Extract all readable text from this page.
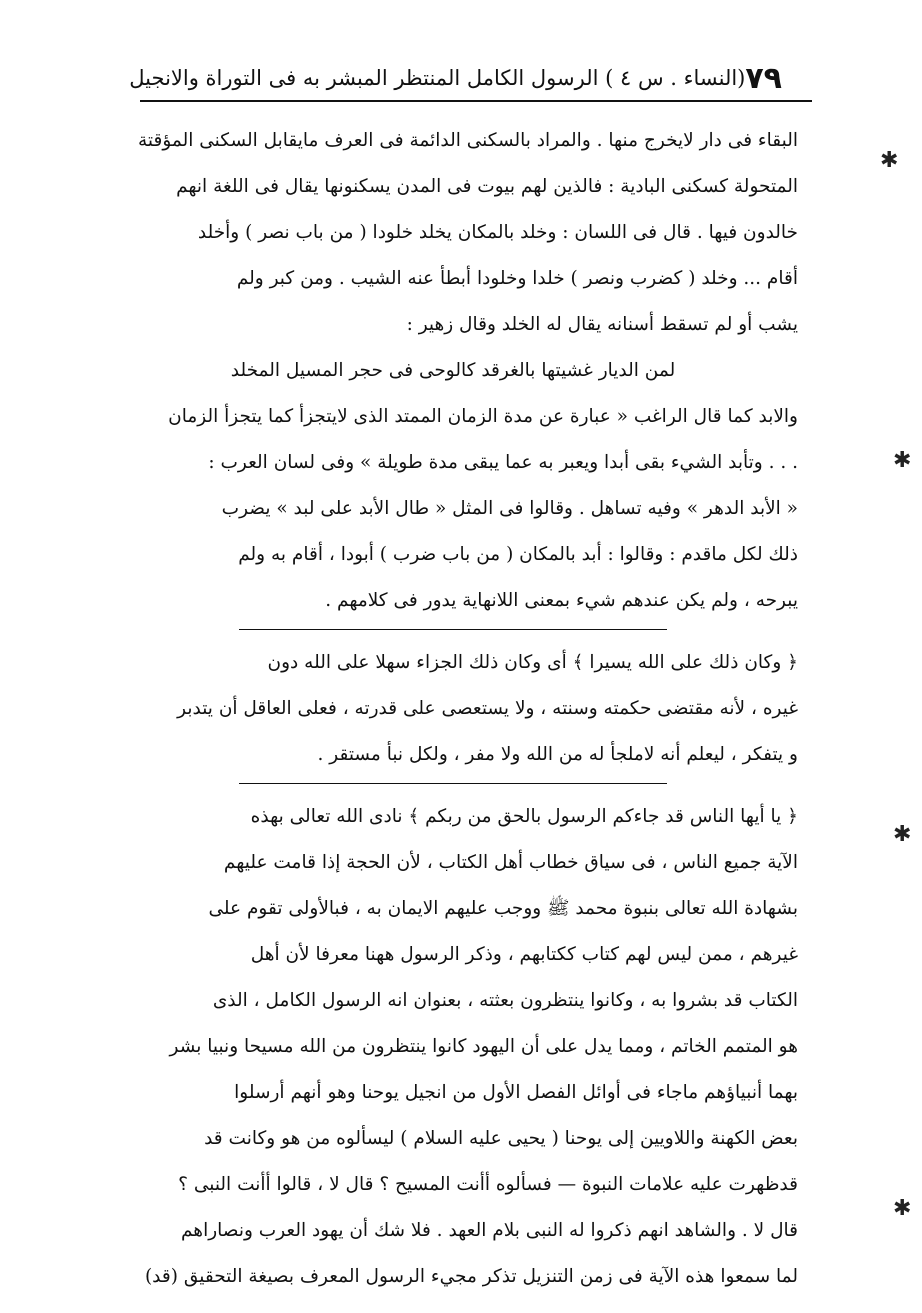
٧٩
(النساء . س ٤ ) الرسول الكامل المنتظر المبشر به فى التوراة والانجيل
✱
✱
✱
✱
البقاء فى دار لايخرج منها . والمراد بالسكنى الدائمة فى العرف مايقابل السكنى المؤقتة
المتحولة كسكنى البادية : فالذين لهم بيوت فى المدن يسكنونها يقال فى اللغة انهم
خالدون فيها . قال فى اللسان : وخلد بالمكان يخلد خلودا ( من باب نصر ) وأخلد
أقام ... وخلد ( كضرب ونصر ) خلدا وخلودا أبطأ عنه الشيب . ومن كبر ولم
يشب أو لم تسقط أسنانه يقال له الخلد وقال زهير :
لمن الديار غشيتها بالغرقد كالوحى فى حجر المسيل المخلد
والابد كما قال الراغب « عبارة عن مدة الزمان الممتد الذى لايتجزأ كما يتجزأ الزمان
. . . وتأبد الشيء بقى أبدا ويعبر به عما يبقى مدة طويلة » وفى لسان العرب :
« الأبد الدهر » وفيه تساهل . وقالوا فى المثل « طال الأبد على لبد » يضرب
ذلك لكل ماقدم : وقالوا : أبد بالمكان ( من باب ضرب ) أبودا ، أقام به ولم
يبرحه ، ولم يكن عندهم شيء بمعنى اللانهاية يدور فى كلامهم .
﴿ وكان ذلك على الله يسيرا ﴾ أى وكان ذلك الجزاء سهلا على الله دون
غيره ، لأنه مقتضى حكمته وسنته ، ولا يستعصى على قدرته ، فعلى العاقل أن يتدبر
و يتفكر ، ليعلم أنه لاملجأ له من الله ولا مفر ، ولكل نبأ مستقر .
﴿ يا أيها الناس قد جاءكم الرسول بالحق من ربكم ﴾ نادى الله تعالى بهذه
الآية جميع الناس ، فى سياق خطاب أهل الكتاب ، لأن الحجة إذا قامت عليهم
بشهادة الله تعالى بنبوة محمد ﷺ ووجب عليهم الايمان به ، فبالأولى تقوم على
غيرهم ، ممن ليس لهم كتاب ككتابهم ، وذكر الرسول ههنا معرفا لأن أهل
الكتاب قد بشروا به ، وكانوا ينتظرون بعثته ، بعنوان انه الرسول الكامل ، الذى
هو المتمم الخاتم ، ومما يدل على أن اليهود كانوا ينتظرون من الله مسيحا ونبيا بشر
بهما أنبياؤهم ماجاء فى أوائل الفصل الأول من انجيل يوحنا وهو أنهم أرسلوا
بعض الكهنة واللاويين إلى يوحنا ( يحيى عليه السلام ) ليسألوه من هو وكانت قد
قدظهرت عليه علامات النبوة — فسألوه أأنت المسيح ؟ قال لا ، قالوا أأنت النبى ؟
قال لا . والشاهد انهم ذكروا له النبى بلام العهد . فلا شك أن يهود العرب ونصاراهم
لما سمعوا هذه الآية فى زمن التنزيل تذكر مجيء الرسول المعرف بصيغة التحقيق (قد)
